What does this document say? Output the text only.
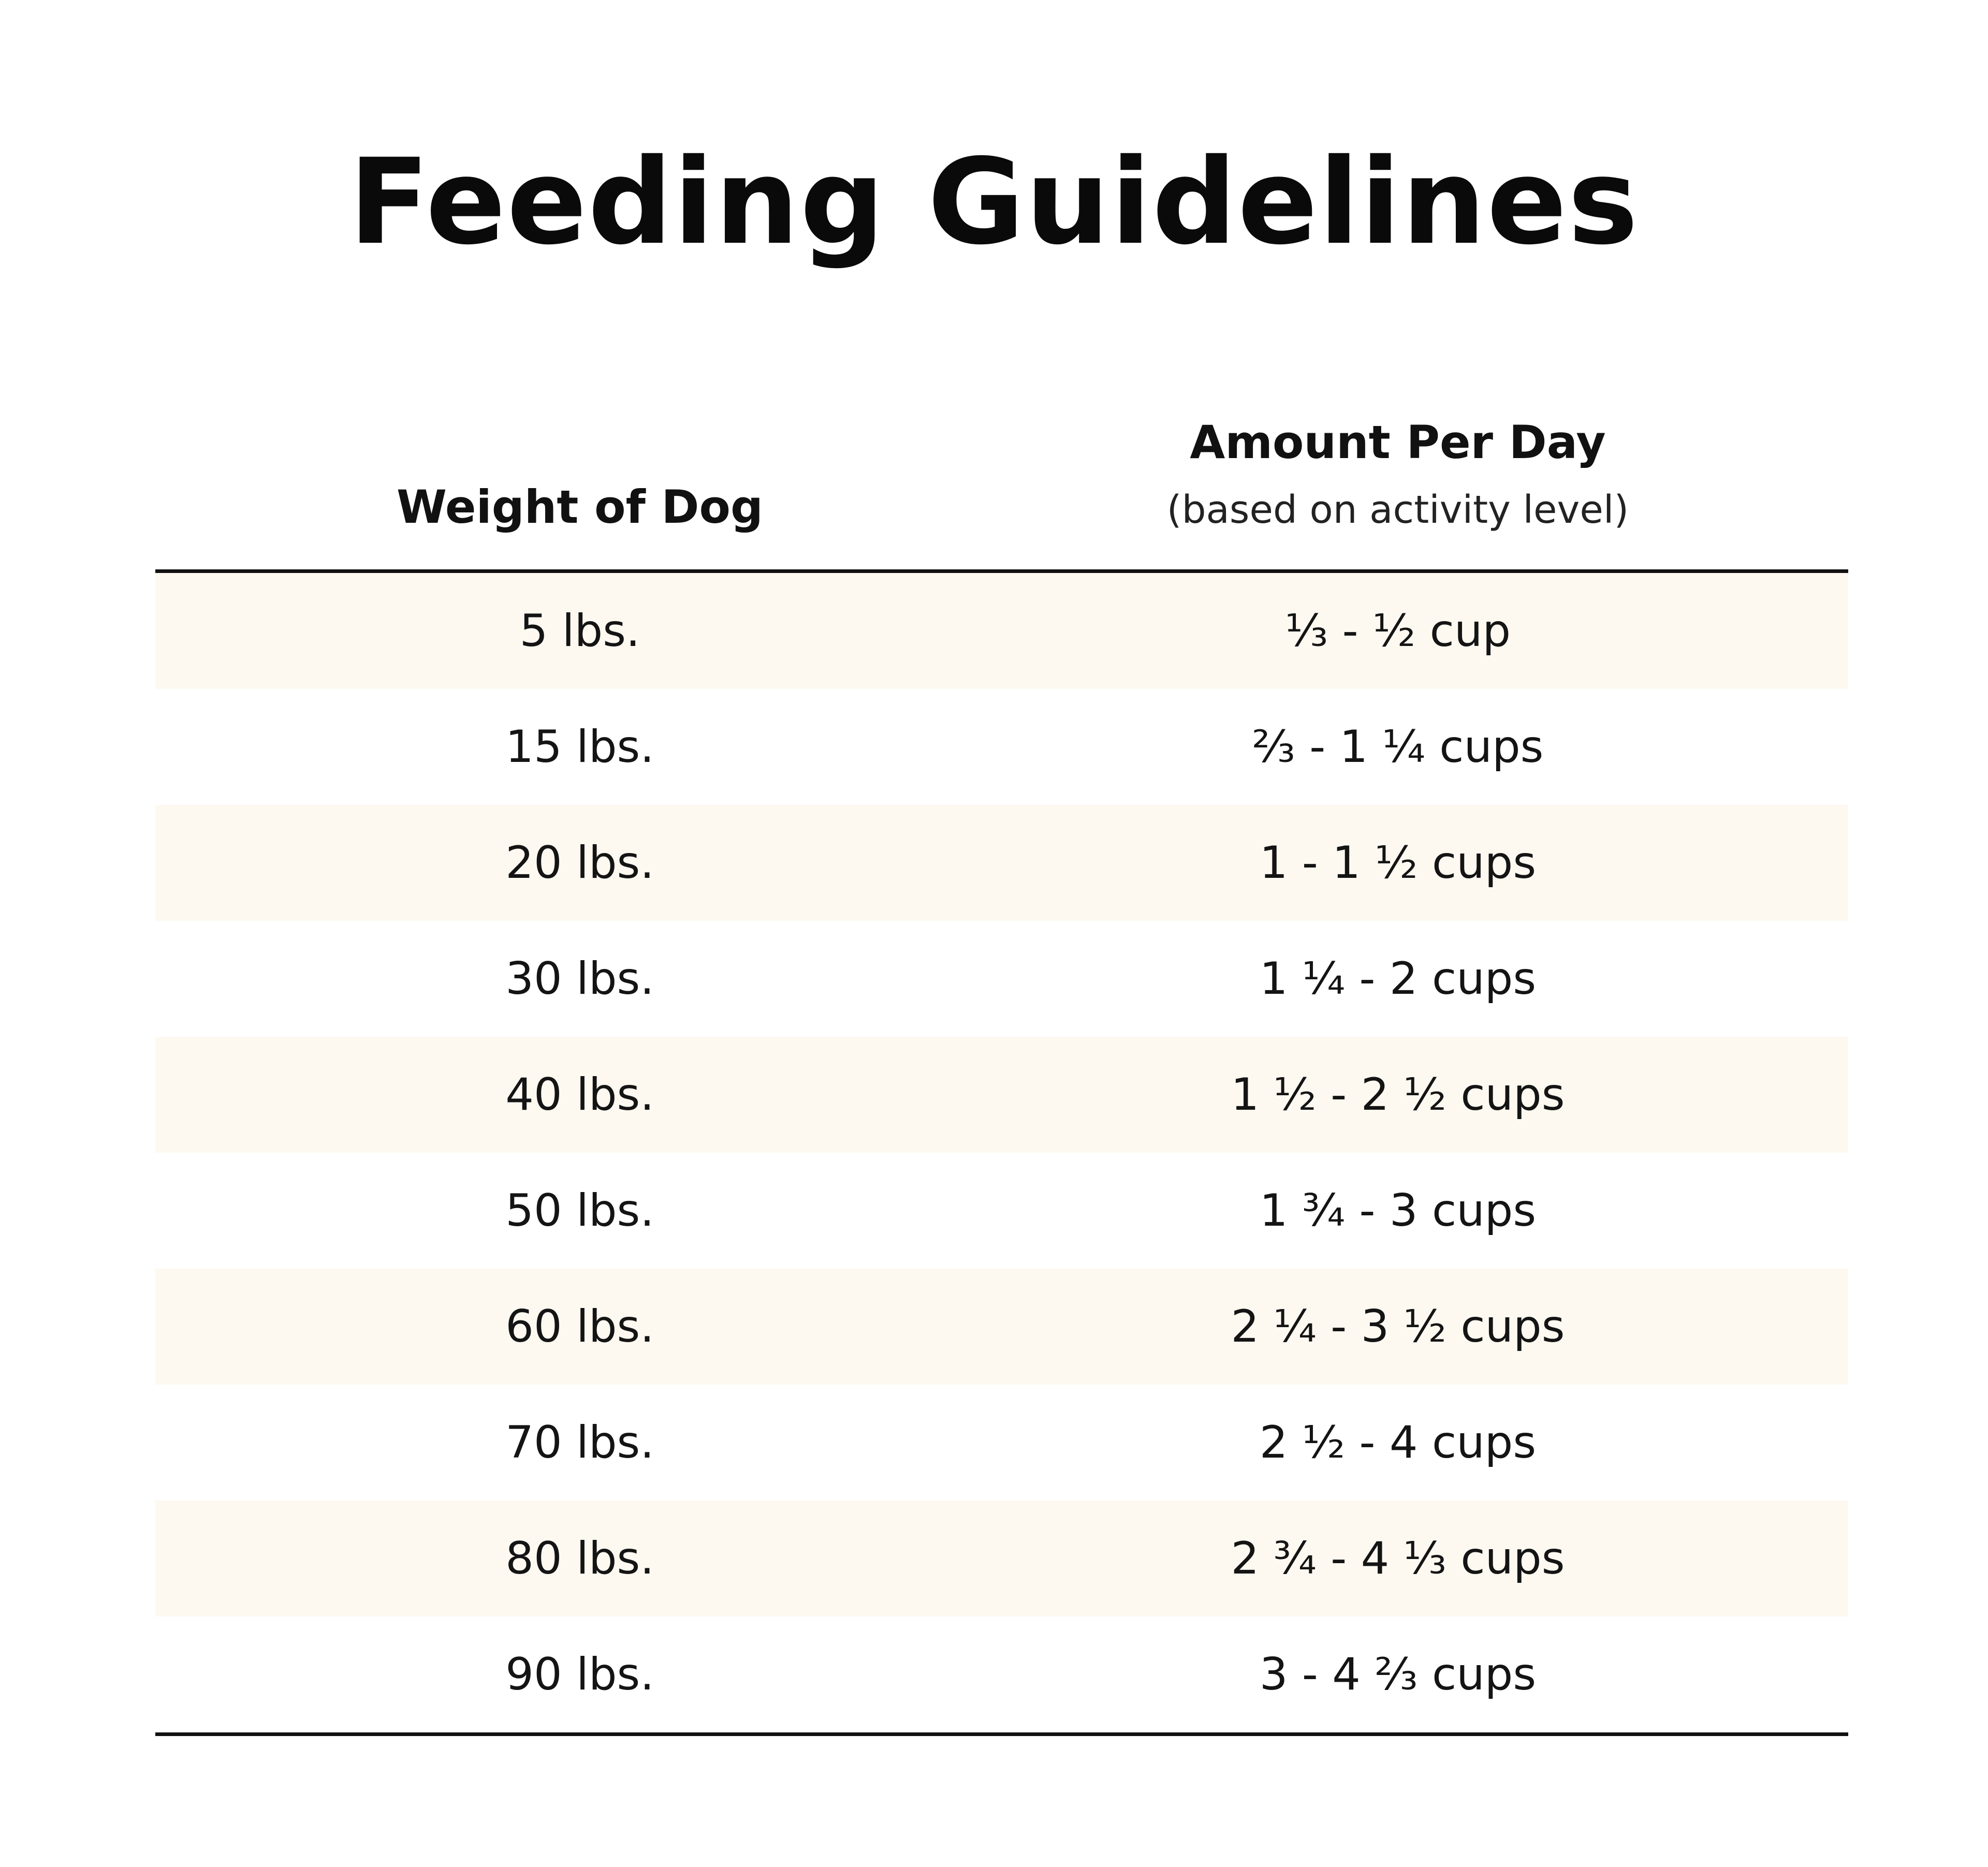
Feeding Guidelines
Weight of Dog
Amount Per Day
(based on activity level)
5 lbs.	⅓ - ½ cup
15 lbs.	⅔ - 1 ¼ cups
20 lbs.	1 - 1 ½ cups
30 lbs.	1 ¼ - 2 cups
40 lbs.	1 ½ - 2 ½ cups
50 lbs.	1 ¾ - 3 cups
60 lbs.	2 ¼ - 3 ½ cups
70 lbs.	2 ½ - 4 cups
80 lbs.	2 ¾ - 4 ⅓ cups
90 lbs.	3 - 4 ⅔ cups
